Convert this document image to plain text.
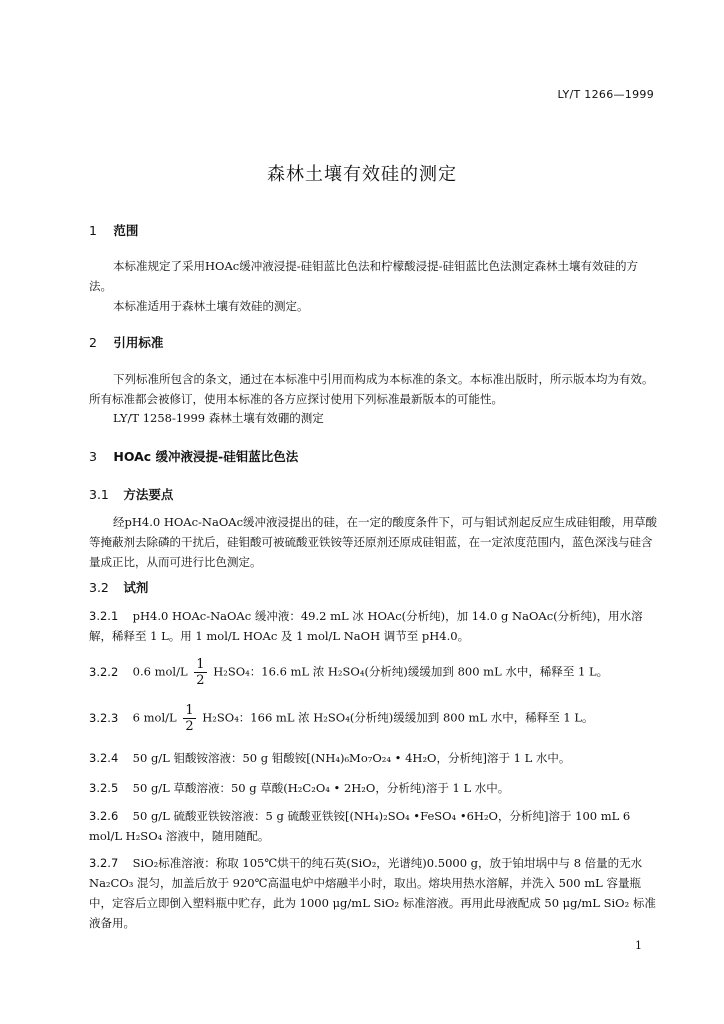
LY/T 1266—1999
森林土壤有效硅的测定
1 范围
本标准规定了采用HOAc缓冲液浸提-硅钼蓝比色法和柠檬酸浸提-硅钼蓝比色法测定森林土壤有效硅的方法。
本标准适用于森林土壤有效硅的测定。
2 引用标准
下列标准所包含的条文，通过在本标准中引用而构成为本标准的条文。本标准出版时，所示版本均为有效。所有标准都会被修订，使用本标准的各方应探讨使用下列标准最新版本的可能性。
LY/T 1258-1999 森林土壤有效硼的测定
3 HOAc 缓冲液浸提-硅钼蓝比色法
3.1 方法要点
经pH4.0 HOAc-NaOAc缓冲液浸提出的硅，在一定的酸度条件下，可与钼试剂起反应生成硅钼酸，用草酸等掩蔽剂去除磷的干扰后，硅钼酸可被硫酸亚铁铵等还原剂还原成硅钼蓝，在一定浓度范围内，蓝色深浅与硅含量成正比，从而可进行比色测定。
3.2 试剂
3.2.1 pH4.0 HOAc-NaOAc 缓冲液：49.2 mL 冰 HOAc(分析纯)，加 14.0 g NaOAc(分析纯)，用水溶解，稀释至 1 L。用 1 mol/L HOAc 及 1 mol/L NaOH 调节至 pH4.0。
3.2.2 0.6 $mol/L \frac{1}{2} H_2SO_4$：16.6 mL 浓 H₂SO₄(分析纯)缓缓加到 800 mL 水中，稀释至 1 L。
3.2.3 6 $mol/L \frac{1}{2} H_2SO_4$：166 mL 浓 H₂SO₄(分析纯)缓缓加到 800 mL 水中，稀释至 1 L。
3.2.4 50 g/L 钼酸铵溶液：50 g 钼酸铵[(NH₄)₆Mo₇O₂₄ • 4H₂O，分析纯]溶于 1 L 水中。
3.2.5 50 g/L 草酸溶液：50 g 草酸(H₂C₂O₄ • 2H₂O，分析纯)溶于 1 L 水中。
3.2.6 50 g/L 硫酸亚铁铵溶液：5 g 硫酸亚铁铵[(NH₄)₂SO₄ •FeSO₄ •6H₂O，分析纯]溶于 100 mL 6 mol/L H₂SO₄ 溶液中，随用随配。
3.2.7 SiO₂标准溶液：称取 105℃烘干的纯石英(SiO₂，光谱纯)0.5000 g，放于铂坩埚中与 8 倍量的无水 Na₂CO₃ 混匀，加盖后放于 920℃高温电炉中熔融半小时，取出。熔块用热水溶解，并洗入 500 mL 容量瓶中，定容后立即倒入塑料瓶中贮存，此为 1000 μg/mL SiO₂ 标准溶液。再用此母液配成 50 μg/mL SiO₂ 标准液备用。
1
